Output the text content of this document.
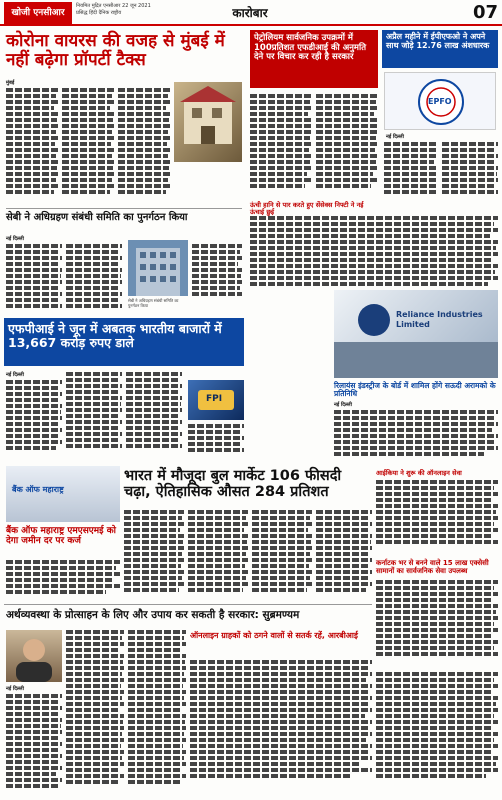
खोजी एनसीआर
नियमित मुद्रित एनसीआर 22 जून 2021
प्रसिद्ध हिंदी दैनिक राष्ट्रीय	कारोबार	07
कोरोना वायरस की वजह से मुंबई में नहीं बढ़ेगा प्रॉपर्टी टैक्स
मुंबई
सेबी ने अधिग्रहण संबंधी समिति का पुनर्गठन किया
नई दिल्ली
सेबी ने अधिग्रहण संबंधी समिति का पुनर्गठन किया
एफपीआई ने जून में अबतक भारतीय बाजारों में 13,667 करोड़ रुपए डाले
नई दिल्ली
FPI
बैंक ऑफ महाराष्ट्र
बैंक ऑफ महाराष्ट्र एमएसएमई को देगा जमीन दर पर कर्ज
भारत में मौजूदा बुल मार्केट 106 फीसदी चढ़ा, ऐतिहासिक औसत 284 प्रतिशत
पेट्रोलियम सार्वजनिक उपक्रमों में 100प्रतिशत एफडीआई की अनुमति देने पर विचार कर रही है सरकार
अप्रैल महीने में ईपीएफओ ने अपने साथ जोड़े 12.76 लाख अंशधारक
EPFO
नई दिल्ली
ऊंची हानि से पार करते हुए सेंसेक्स निफ्टी ने नई ऊंचाई छुई
Reliance Industries Limited
रिलायंस इंडस्ट्रीज के बोर्ड में शामिल होंगे सऊदी अरामको के प्रतिनिधि
नई दिल्ली
आईकिया ने शुरू की ऑनलाइन सेवा
कर्नाटक भर से बनने वाले 15 लाख एक्सेसी सामानों का सार्वजनिक सेवा उपलब्ध
अर्थव्यवस्था के प्रोत्साहन के लिए और उपाय कर सकती है सरकार: सुब्रमण्यम
नई दिल्ली
ऑनलाइन ग्राहकों को ठगने वालों से सतर्क रहें, आरबीआई
